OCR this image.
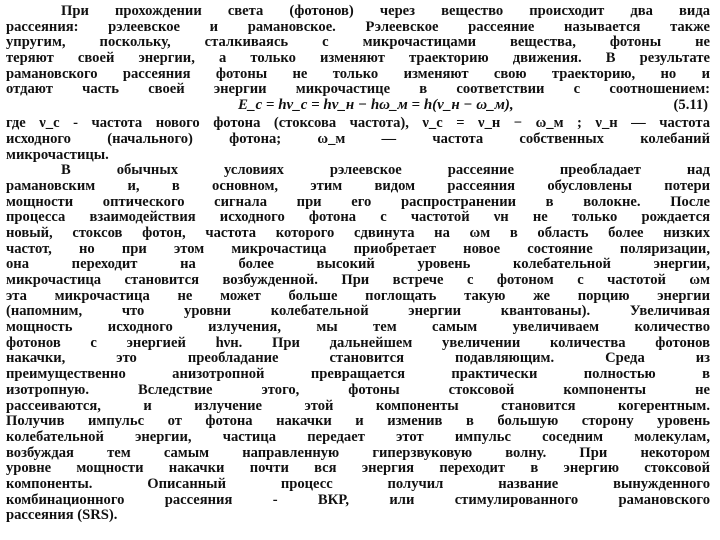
При прохождении света (фотонов) через вещество происходит два вида
рассеяния: рэлеевское и рамановское. Рэлеевское рассеяние называется также
упругим, поскольку, сталкиваясь с микрочастицами вещества, фотоны не
теряют своей энергии, а только изменяют траекторию движения. В результате
рамановского рассеяния фотоны не только изменяют свою траекторию, но и
отдают часть своей энергии микрочастице в соответствии с соотношением:
E_c = hν_c = hν_н − hω_м = h(ν_н − ω_м),	(5.11)
где ν_c - частота нового фотона (стоксова частота), ν_c = ν_н − ω_м ; ν_н — частота
исходного (начального) фотона; ω_м — частота собственных колебаний
микрочастицы.
В обычных условиях рэлеевское рассеяние преобладает над
рамановским и, в основном, этим видом рассеяния обусловлены потери
мощности оптического сигнала при его распространении в волокне. После
процесса взаимодействия исходного фотона с частотой νн не только рождается
новый, стоксов фотон, частота которого сдвинута на ωм в область более низких
частот, но при этом микрочастица приобретает новое состояние поляризации,
она переходит на более высокий уровень колебательной энергии,
микрочастица становится возбужденной. При встрече с фотоном с частотой ωм
эта микрочастица не может больше поглощать такую же порцию энергии
(напомним, что уровни колебательной энергии квантованы). Увеличивая
мощность исходного излучения, мы тем самым увеличиваем количество
фотонов с энергией hνн. При дальнейшем увеличении количества фотонов
накачки, это преобладание становится подавляющим. Среда из
преимущественно анизотропной превращается практически полностью в
изотропную. Вследствие этого, фотоны стоксовой компоненты не
рассеиваются, и излучение этой компоненты становится когерентным.
Получив импульс от фотона накачки и изменив в большую сторону уровень
колебательной энергии, частица передает этот импульс соседним молекулам,
возбуждая тем самым направленную гиперзвуковую волну. При некотором
уровне мощности накачки почти вся энергия переходит в энергию стоксовой
компоненты. Описанный процесс получил название вынужденного
комбинационного рассеяния - ВКР, или стимулированного рамановского
рассеяния (SRS).
